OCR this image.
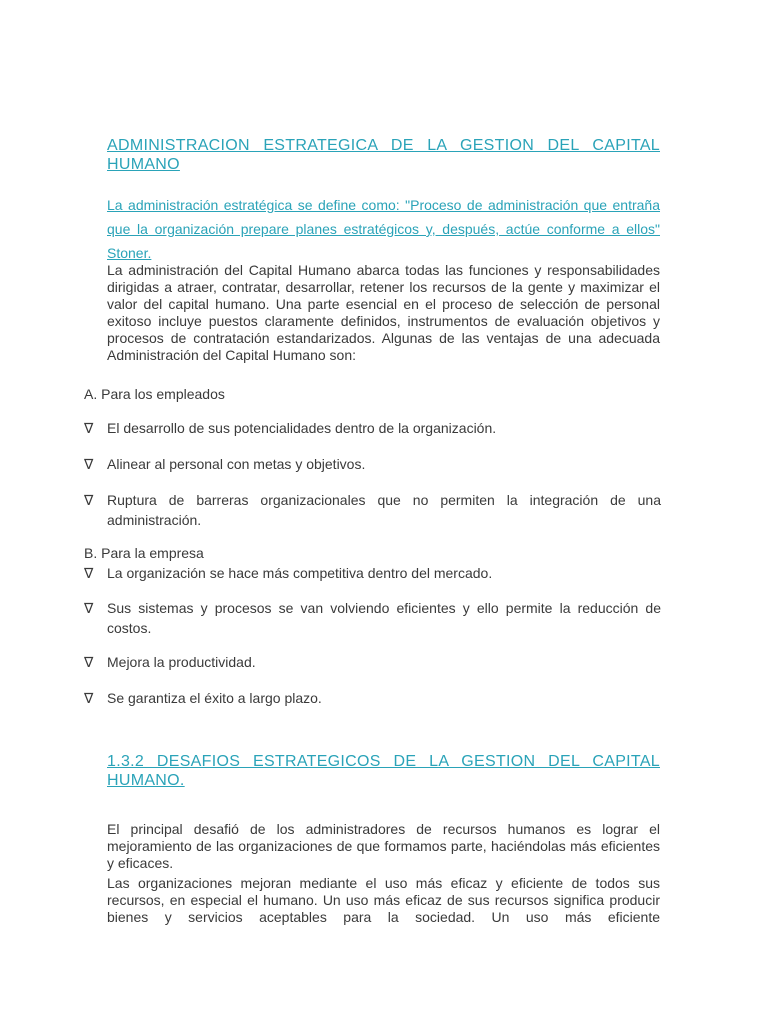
ADMINISTRACION ESTRATEGICA DE LA GESTION DEL CAPITAL HUMANO
La administración estratégica se define como: "Proceso de administración que entraña que la organización prepare planes estratégicos y, después, actúe conforme a ellos" Stoner.
La administración del Capital Humano abarca todas las funciones y responsabilidades dirigidas a atraer, contratar, desarrollar, retener los recursos de la gente y maximizar el valor del capital humano. Una parte esencial en el proceso de selección de personal exitoso incluye puestos claramente definidos, instrumentos de evaluación objetivos y procesos de contratación estandarizados. Algunas de las ventajas de una adecuada Administración del Capital Humano son:
A. Para los empleados
∇ El desarrollo de sus potencialidades dentro de la organización.
∇ Alinear al personal con metas y objetivos.
∇ Ruptura de barreras organizacionales que no permiten la integración de una administración.
B. Para la empresa
∇ La organización se hace más competitiva dentro del mercado.
∇ Sus sistemas y procesos se van volviendo eficientes y ello permite la reducción de costos.
∇ Mejora la productividad.
∇ Se garantiza el éxito a largo plazo.
1.3.2 DESAFIOS ESTRATEGICOS DE LA GESTION DEL CAPITAL HUMANO.
El principal desafió de los administradores de recursos humanos es lograr el mejoramiento de las organizaciones de que formamos parte, haciéndolas más eficientes y eficaces.
Las organizaciones mejoran mediante el uso más eficaz y eficiente de todos sus recursos, en especial el humano. Un uso más eficaz de sus recursos significa producir bienes y servicios aceptables para la sociedad. Un uso más eficiente
